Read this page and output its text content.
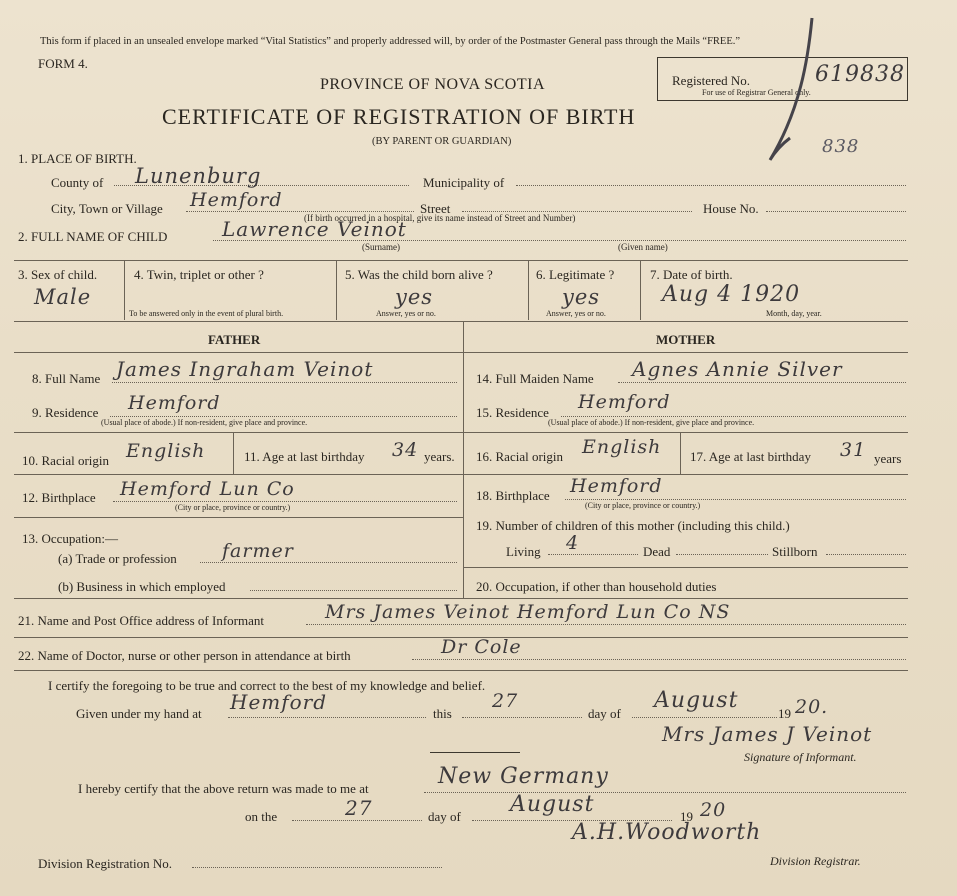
This form if placed in an unsealed envelope marked “Vital Statistics” and properly addressed will, by order of the Postmaster General pass through the Mails “FREE.”
FORM 4.
PROVINCE OF NOVA SCOTIA
CERTIFICATE OF REGISTRATION OF BIRTH
(BY PARENT OR GUARDIAN)
Registered No.	619838
For use of Registrar General only.
838
1. PLACE OF BIRTH.
County of Lunenburg	Municipality of
City, Town or Village Hemford	Street
(If birth occurred in a hospital, give its name instead of Street and Number)
House No.
2. FULL NAME OF CHILD	Lawrence Veinot
(Surname)	(Given name)
3. Sex of child.
Male
4. Twin, triplet or other ?
To be answered only in the event of plural birth.
5. Was the child born alive ?
yes
Answer, yes or no.
6. Legitimate ?
yes
Answer, yes or no.
7. Date of birth.
Aug 4 1920
Month, day, year.
FATHER
8. Full Name James Ingraham Veinot
9. Residence Hemford
(Usual place of abode.) If non-resident, give place and province.
10. Racial origin English	11. Age at last birthday 34 years.
12. Birthplace Hemford Lun Co
(City or place, province or country.)
13. Occupation:—
(a) Trade or profession farmer
(b) Business in which employed
MOTHER
14. Full Maiden Name Agnes Annie Silver
15. Residence Hemford
(Usual place of abode.) If non-resident, give place and province.
16. Racial origin English 17. Age at last birthday 31 years
18. Birthplace Hemford
(City or place, province or country.)
19. Number of children of this mother (including this child.)
Living 4	Dead	Stillborn
20. Occupation, if other than household duties
21. Name and Post Office address of Informant	Mrs James Veinot Hemford Lun Co NS
22. Name of Doctor, nurse or other person in attendance at birth	Dr Cole
I certify the foregoing to be true and correct to the best of my knowledge and belief.
Given under my hand at Hemford	this
27
day of
August
19 20.
Mrs James J Veinot
Signature of Informant.
I hereby certify that the above return was made to me at	New Germany
on the	27	day of August	19 20
A.H.Woodworth
Division Registration No.	Division Registrar.
